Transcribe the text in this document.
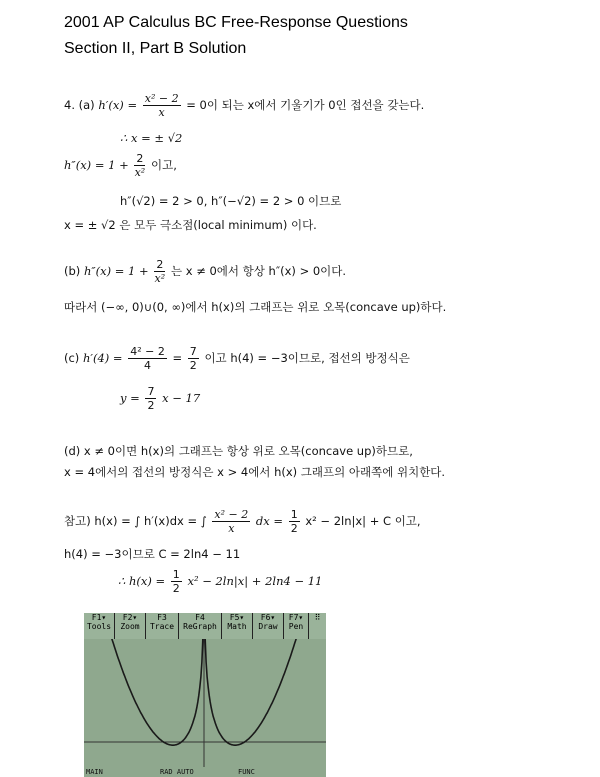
2001 AP Calculus BC Free-Response Questions
Section II, Part B Solution
4. (a) $h'(x) = \frac{\text{x² − 2}}{x} = 0$이 되는 x에서 기울기가 0인 접선을 갖는다.
∴ x = ± √2
$h''(x) = 1 + \frac{2}{\text{x²}}$ 이고,
h″(√2) = 2 > 0, h″(−√2) = 2 > 0 이므로
x = ± √2 은 모두 극소점(local minimum) 이다.
(b) $h''(x) = 1 + \frac{2}{\text{x²}}$ 는 x ≠ 0에서 항상 h″(x) > 0이다.
따라서 (−∞, 0)∪(0, ∞)에서 h(x)의 그래프는 위로 오목(concave up)하다.
(c) $h'(4) = \frac{\text{4² − 2}}{4} = \frac{7}{2}$ 이고 h(4) = −3이므로, 접선의 방정식은
$y = \frac{7}{2}$ x − 17
(d) x ≠ 0이면 h(x)의 그래프는 항상 위로 오목(concave up)하므로,
x = 4에서의 접선의 방정식은 x > 4에서 h(x) 그래프의 아래쪽에 위치한다.
참고) h(x) = ∫ h′(x)dx = ∫ $\frac{\text{x² − 2}}{x}$ dx = $\frac{1}{2} x^2 - 2\ln|x| + C$ 이고,
h(4) = −3이므로 C = 2ln4 − 11
∴ $h(x) = \frac{1}{2} x^2 - 2\ln|x| + 2\ln 4 - 11$
F1▾
Tools
F2▾
Zoom
F3
Trace
F4
ReGraph
F5▾
Math
F6▾
Draw
F7▾
Pen
⠿
MAIN	RAD AUTO	FUNC
